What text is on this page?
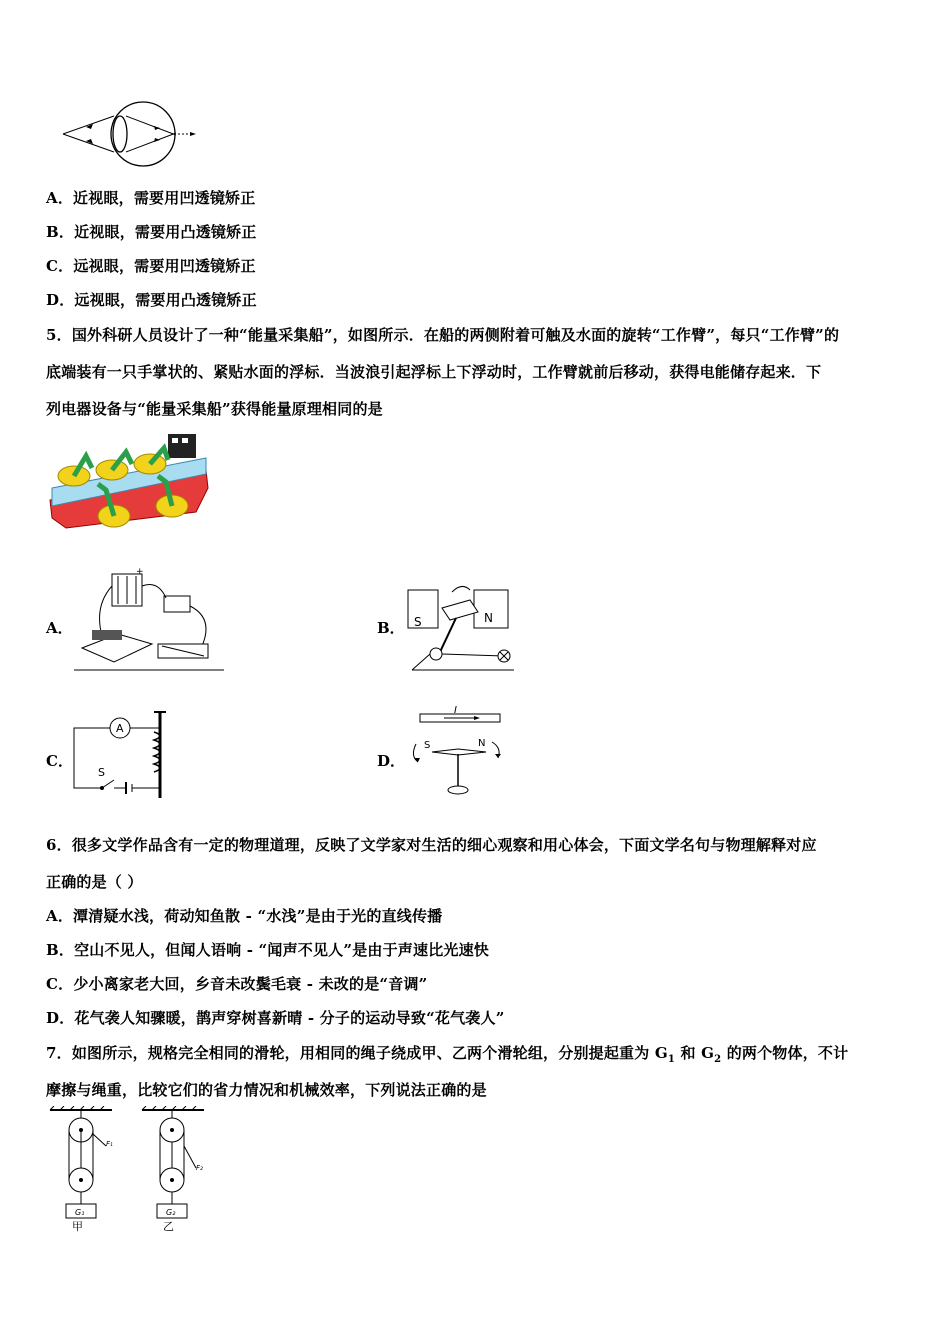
A．近视眼，需要用凹透镜矫正
B．近视眼，需要用凸透镜矫正
C．远视眼，需要用凹透镜矫正
D．远视眼，需要用凸透镜矫正
5．国外科研人员设计了一种“能量采集船”，如图所示．在船的两侧附着可触及水面的旋转“工作臂”，每只“工作臂”的
底端装有一只手掌状的、紧贴水面的浮标．当波浪引起浮标上下浮动时，工作臂就前后移动，获得电能储存起来．下
列电器设备与“能量采集船”获得能量原理相同的是
A．
+
B． S	N
C．
S
A
D．
I
S	N
6．很多文学作品含有一定的物理道理，反映了文学家对生活的细心观察和用心体会，下面文学名句与物理解释对应
正确的是（ ）
A．潭清疑水浅，荷动知鱼散 - “水浅”是由于光的直线传播
B．空山不见人，但闻人语响 - “闻声不见人”是由于声速比光速快
C．少小离家老大回，乡音未改鬓毛衰 - 未改的是“音调”
D．花气袭人知骤暖，鹊声穿树喜新晴 - 分子的运动导致“花气袭人”
7．如图所示，规格完全相同的滑轮，用相同的绳子绕成甲、乙两个滑轮组，分别提起重为 $G_1$ 和 $G_2$ 的两个物体，不计
摩擦与绳重，比较它们的省力情况和机械效率，下列说法正确的是
F₁
G₁
甲
F₂
G₂
乙
